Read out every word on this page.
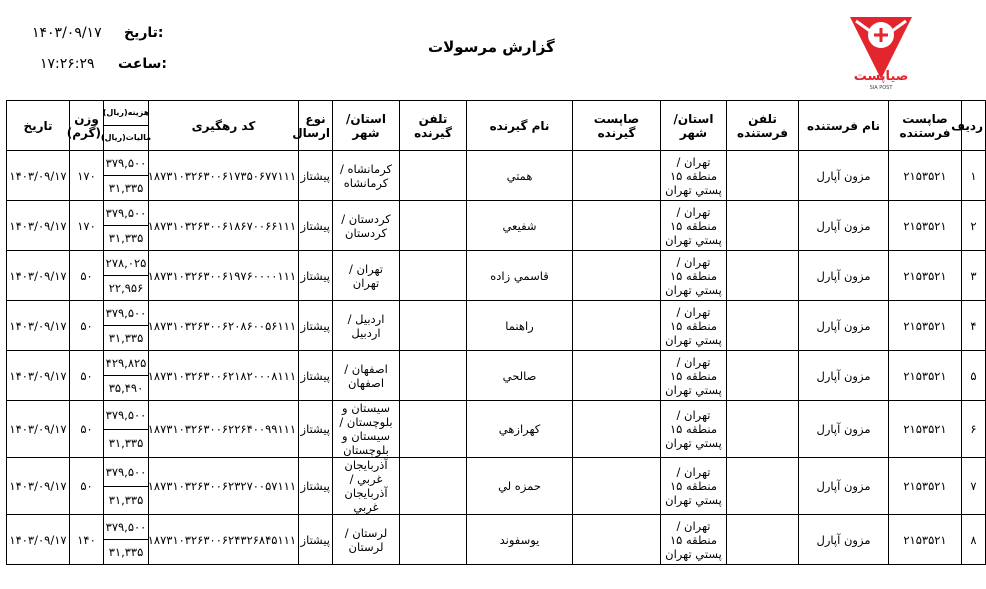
تاریخ:
۱۴۰۳/۰۹/۱۷
ساعت:
۱۷:۲۶:۲۹
گزارش مرسولات
صیاپست
SIA POST
ردیف	صاپست فرستنده	نام فرستنده	تلفن فرستنده	استان/ شهر	صاپست گیرنده	نام گیرنده	تلفن گیرنده	استان/ شهر	نوع ارسال	کد رهگیری	هزینه(ریال)
مالیات(ریال)	وزن (گرم)	تاریخ
۱	۲۱۵۳۵۲۱	مزون آپارل		تهران / منطقه ۱۵ پستي تهران		همتي		کرمانشاه / کرمانشاه	پيشتاز	۱۸۷۳۱۰۳۲۶۳۰۰۶۱۷۳۵۰۶۷۷۱۱۱	۳۷۹,۵۰۰
۳۱,۳۳۵	۱۷۰	۱۴۰۳/۰۹/۱۷
۲	۲۱۵۳۵۲۱	مزون آپارل		تهران / منطقه ۱۵ پستي تهران		شفيعي		کردستان / کردستان	پيشتاز	۱۸۷۳۱۰۳۲۶۳۰۰۶۱۸۶۷۰۰۶۶۱۱۱	۳۷۹,۵۰۰
۳۱,۳۳۵	۱۷۰	۱۴۰۳/۰۹/۱۷
۳	۲۱۵۳۵۲۱	مزون آپارل		تهران / منطقه ۱۵ پستي تهران		قاسمي زاده		تهران / تهران	پيشتاز	۱۸۷۳۱۰۳۲۶۳۰۰۶۱۹۷۶۰۰۰۰۱۱۱	۲۷۸,۰۲۵
۲۲,۹۵۶	۵۰	۱۴۰۳/۰۹/۱۷
۴	۲۱۵۳۵۲۱	مزون آپارل		تهران / منطقه ۱۵ پستي تهران		راهنما		اردبيل / اردبيل	پيشتاز	۱۸۷۳۱۰۳۲۶۳۰۰۶۲۰۸۶۰۰۵۶۱۱۱	۳۷۹,۵۰۰
۳۱,۳۳۵	۵۰	۱۴۰۳/۰۹/۱۷
۵	۲۱۵۳۵۲۱	مزون آپارل		تهران / منطقه ۱۵ پستي تهران		صالحي		اصفهان / اصفهان	پيشتاز	۱۸۷۳۱۰۳۲۶۳۰۰۶۲۱۸۲۰۰۰۸۱۱۱	۴۲۹,۸۲۵
۳۵,۴۹۰	۵۰	۱۴۰۳/۰۹/۱۷
۶	۲۱۵۳۵۲۱	مزون آپارل		تهران / منطقه ۱۵ پستي تهران		کهرازهي		سيستان و بلوچستان / سيستان و بلوچستان	پيشتاز	۱۸۷۳۱۰۳۲۶۳۰۰۶۲۲۶۴۰۰۹۹۱۱۱	۳۷۹,۵۰۰
۳۱,۳۳۵	۵۰	۱۴۰۳/۰۹/۱۷
۷	۲۱۵۳۵۲۱	مزون آپارل		تهران / منطقه ۱۵ پستي تهران		حمزه لي		آذربايجان غربي / آذربايجان غربي	پيشتاز	۱۸۷۳۱۰۳۲۶۳۰۰۶۲۳۲۷۰۰۵۷۱۱۱	۳۷۹,۵۰۰
۳۱,۳۳۵	۵۰	۱۴۰۳/۰۹/۱۷
۸	۲۱۵۳۵۲۱	مزون آپارل		تهران / منطقه ۱۵ پستي تهران		يوسفوند		لرستان / لرستان	پيشتاز	۱۸۷۳۱۰۳۲۶۳۰۰۶۲۴۳۲۶۸۴۵۱۱۱	۳۷۹,۵۰۰
۳۱,۳۳۵	۱۴۰	۱۴۰۳/۰۹/۱۷
